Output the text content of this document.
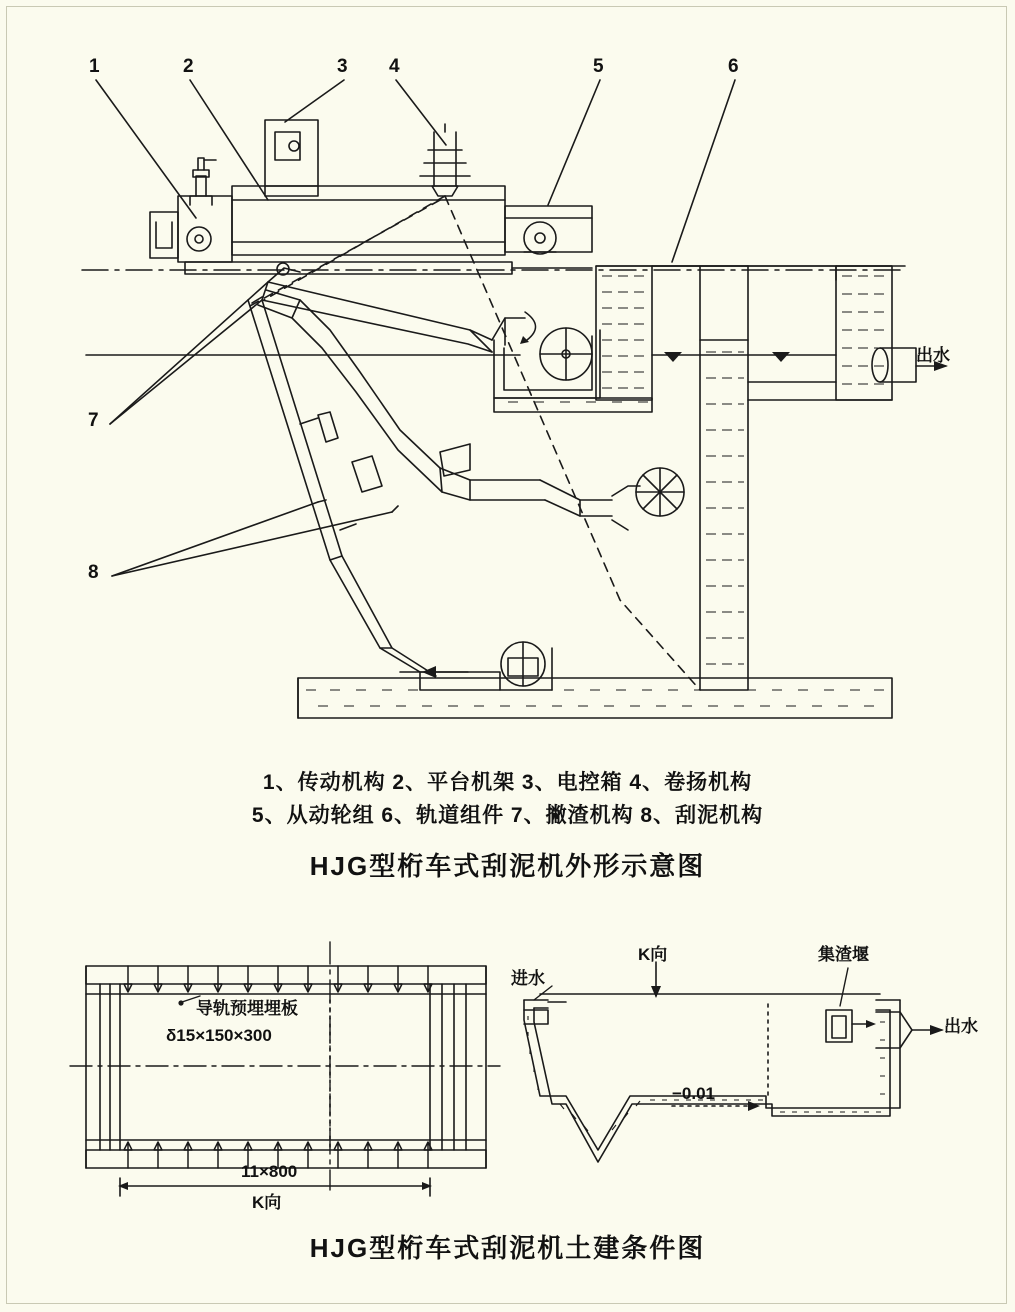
1	2	3 4	5	6
7
8
出水
1、传动机构 2、平台机架 3、电控箱 4、卷扬机构
5、从动轮组 6、轨道组件 7、撇渣机构 8、刮泥机构
HJG型桁车式刮泥机外形示意图
导轨预埋埋板
δ15×150×300
11×800
K向
进水
K向	集渣堰
出水
−0.01
HJG型桁车式刮泥机土建条件图
